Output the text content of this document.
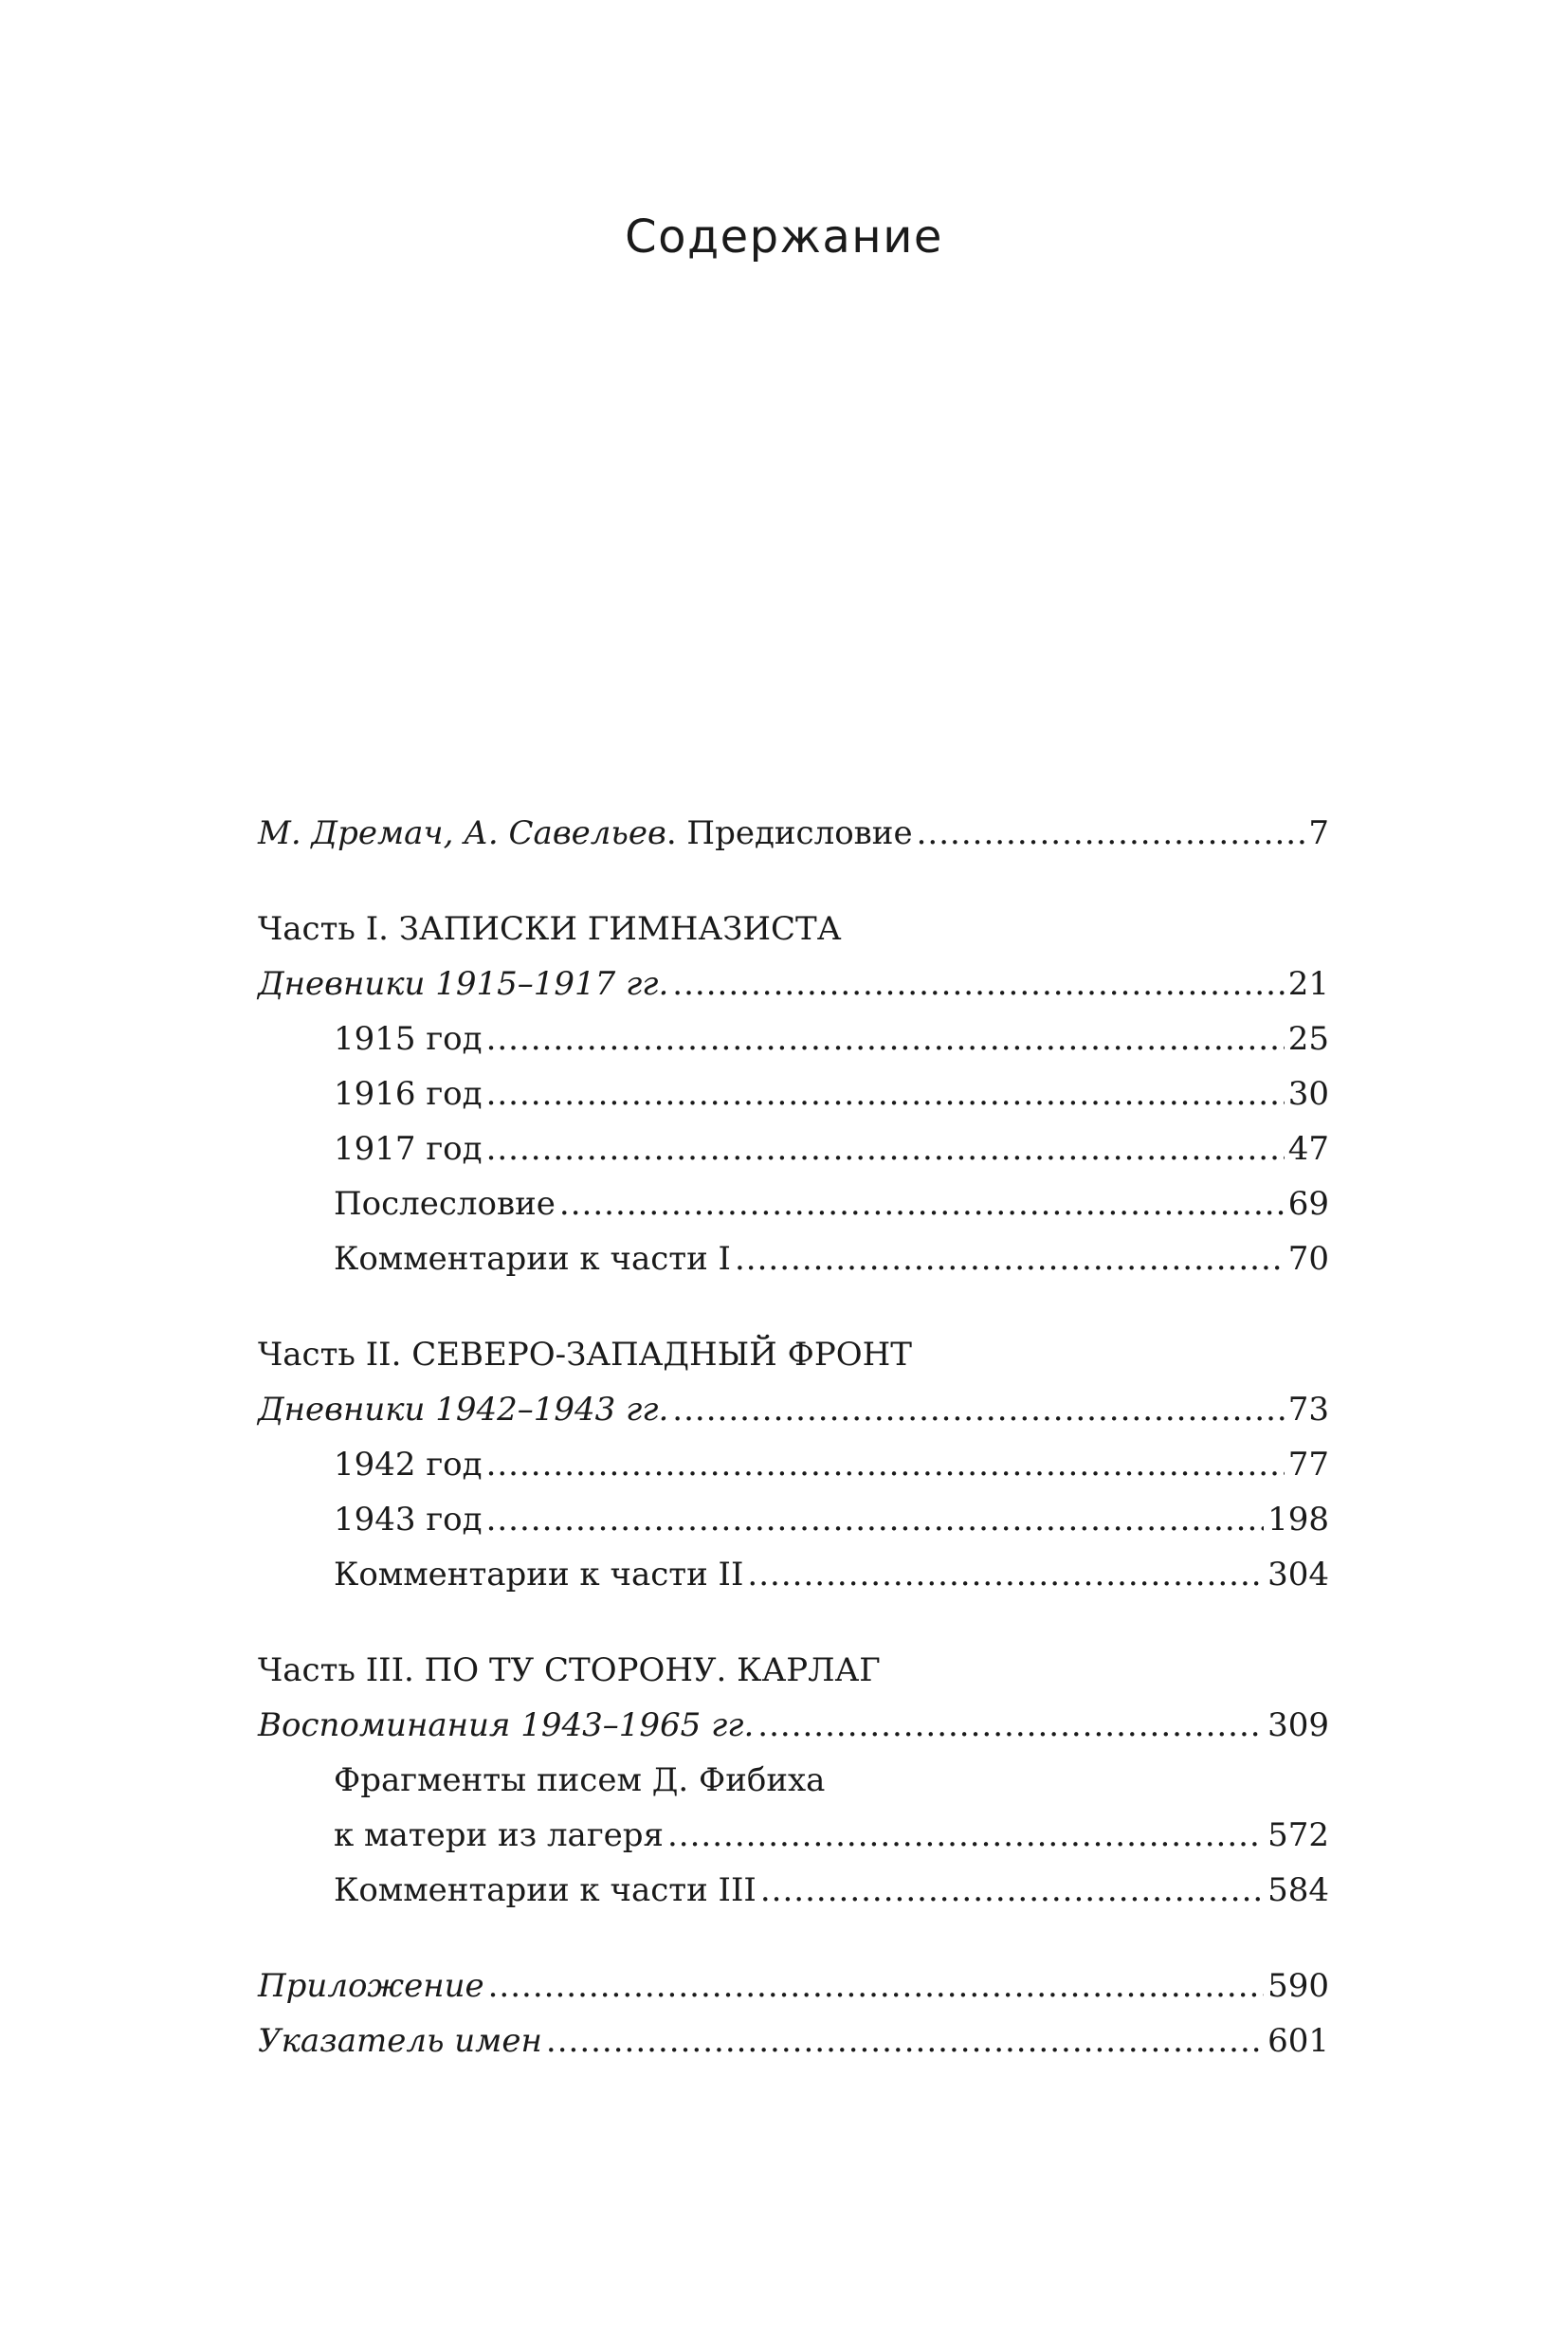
Содержание
М. Дремач, А. Савельев. Предисловие .....	7
Часть I. ЗАПИСКИ ГИМНАЗИСТА
Дневники 1915–1917 гг. .....	21
1915 год .....	25
1916 год .....	30
1917 год .....	47
Послесловие .....	69
Комментарии к части I .....	70
Часть II. СЕВЕРО-ЗАПАДНЫЙ ФРОНТ
Дневники 1942–1943 гг. .....	73
1942 год .....	77
1943 год .....	198
Комментарии к части II .....	304
Часть III. ПО ТУ СТОРОНУ. КАРЛАГ
Воспоминания 1943–1965 гг. .....	309
Фрагменты писем Д. Фибиха
к матери из лагеря .....	572
Комментарии к части III .....	584
Приложение .....	590
Указатель имен .....	601
